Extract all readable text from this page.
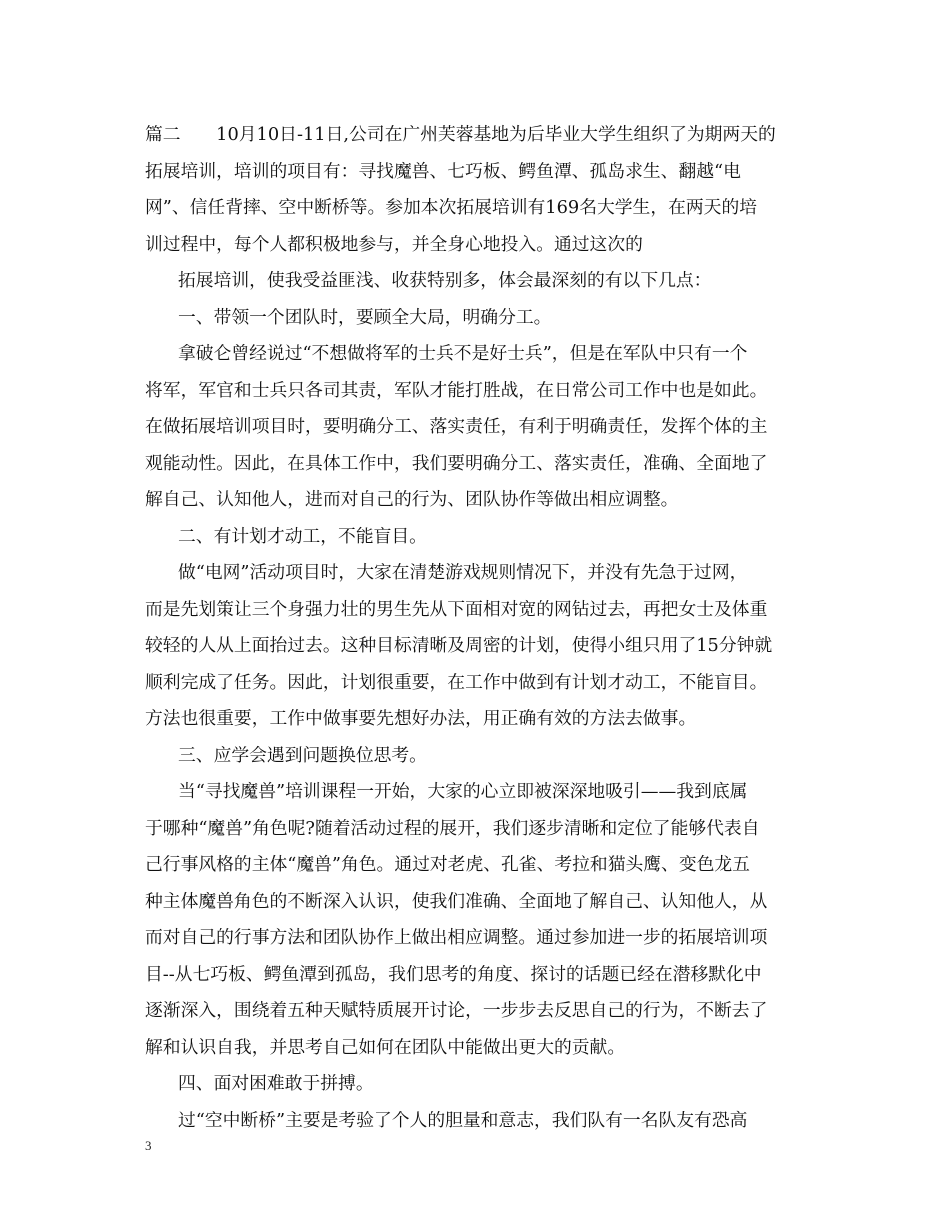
篇二　　10月10日-11日,公司在广州芙蓉基地为后毕业大学生组织了为期两天的
拓展培训，培训的项目有：寻找魔兽、七巧板、鳄鱼潭、孤岛求生、翻越“电
网”、信任背摔、空中断桥等。参加本次拓展培训有169名大学生，在两天的培
训过程中，每个人都积极地参与，并全身心地投入。通过这次的
拓展培训，使我受益匪浅、收获特别多，体会最深刻的有以下几点：
一、带领一个团队时，要顾全大局，明确分工。
拿破仑曾经说过“不想做将军的士兵不是好士兵”，但是在军队中只有一个
将军，军官和士兵只各司其责，军队才能打胜战，在日常公司工作中也是如此。
在做拓展培训项目时，要明确分工、落实责任，有利于明确责任，发挥个体的主
观能动性。因此，在具体工作中，我们要明确分工、落实责任，准确、全面地了
解自己、认知他人，进而对自己的行为、团队协作等做出相应调整。
二、有计划才动工，不能盲目。
做“电网”活动项目时，大家在清楚游戏规则情况下，并没有先急于过网，
而是先划策让三个身强力壮的男生先从下面相对宽的网钻过去，再把女士及体重
较轻的人从上面抬过去。这种目标清晰及周密的计划，使得小组只用了15分钟就
顺利完成了任务。因此，计划很重要，在工作中做到有计划才动工，不能盲目。
方法也很重要，工作中做事要先想好办法，用正确有效的方法去做事。
三、应学会遇到问题换位思考。
当“寻找魔兽”培训课程一开始，大家的心立即被深深地吸引——我到底属
于哪种“魔兽”角色呢?随着活动过程的展开，我们逐步清晰和定位了能够代表自
己行事风格的主体“魔兽”角色。通过对老虎、孔雀、考拉和猫头鹰、变色龙五
种主体魔兽角色的不断深入认识，使我们准确、全面地了解自己、认知他人，从
而对自己的行事方法和团队协作上做出相应调整。通过参加进一步的拓展培训项
目--从七巧板、鳄鱼潭到孤岛，我们思考的角度、探讨的话题已经在潜移默化中
逐渐深入，围绕着五种天赋特质展开讨论，一步步去反思自己的行为，不断去了
解和认识自我，并思考自己如何在团队中能做出更大的贡献。
四、面对困难敢于拼搏。
过“空中断桥”主要是考验了个人的胆量和意志，我们队有一名队友有恐高
3
